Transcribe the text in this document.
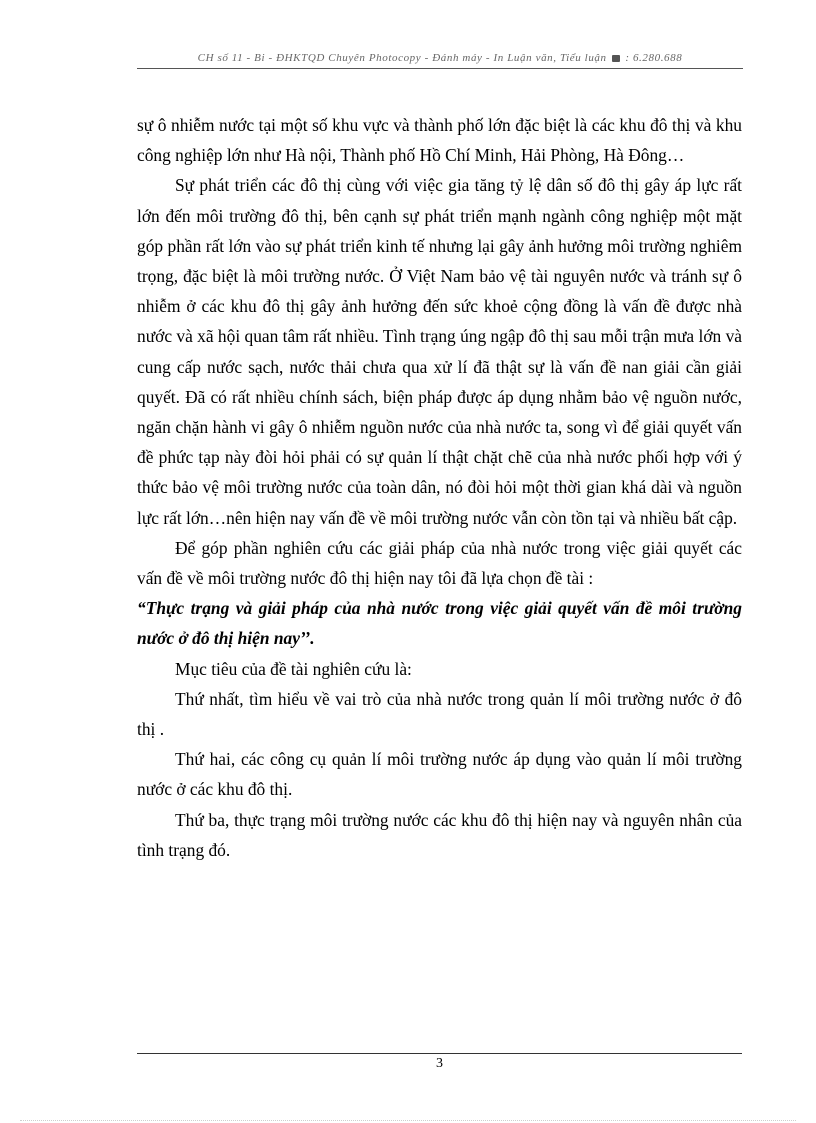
CH số 11 - Bi - ĐHKTQD Chuyên Photocopy - Đánh máy - In Luận văn, Tiểu luận : 6.280.688

sự ô nhiễm nước tại một số khu vực và thành phố lớn đặc biệt là các khu đô thị và khu công nghiệp lớn như Hà nội, Thành phố Hồ Chí Minh, Hải Phòng, Hà Đông…

Sự phát triển các đô thị cùng với việc gia tăng tỷ lệ dân số đô thị gây áp lực rất lớn đến môi trường đô thị, bên cạnh sự phát triển mạnh ngành công nghiệp một mặt góp phần rất lớn vào sự phát triển kinh tế nhưng lại gây ảnh hưởng môi trường nghiêm trọng, đặc biệt là môi trường nước. Ở Việt Nam bảo vệ tài nguyên nước và tránh sự ô nhiễm ở các khu đô thị gây ảnh hưởng đến sức khoẻ cộng đồng là vấn đề được nhà nước và xã hội quan tâm rất nhiều. Tình trạng úng ngập đô thị sau mỗi trận mưa lớn và cung cấp nước sạch, nước thải chưa qua xử lí đã thật sự là vấn đề nan giải cần giải quyết. Đã có rất nhiều chính sách, biện pháp được áp dụng nhằm bảo vệ nguồn nước, ngăn chặn hành vi gây ô nhiễm nguồn nước của nhà nước ta, song vì để giải quyết vấn đề phức tạp này đòi hỏi phải có sự quản lí thật chặt chẽ của nhà nước phối hợp với ý thức bảo vệ môi trường nước của toàn dân, nó đòi hỏi một thời gian khá dài và nguồn lực rất lớn…nên hiện nay vấn đề về môi trường nước vẫn còn tồn tại và nhiều bất cập.

Để góp phần nghiên cứu các giải pháp của nhà nước trong việc giải quyết các vấn đề về môi trường nước đô thị hiện nay tôi đã lựa chọn đề tài :

“Thực trạng và giải pháp của nhà nước trong việc giải quyết vấn đề môi trường nước ở đô thị hiện nay’’.

Mục tiêu của đề tài nghiên cứu là:

Thứ nhất, tìm hiểu về vai trò của nhà nước trong quản lí môi trường nước ở đô thị .

Thứ hai, các công cụ quản lí môi trường nước áp dụng vào quản lí môi trường nước ở các khu đô thị.

Thứ ba, thực trạng môi trường nước các khu đô thị hiện nay và nguyên nhân của tình trạng đó.

3
